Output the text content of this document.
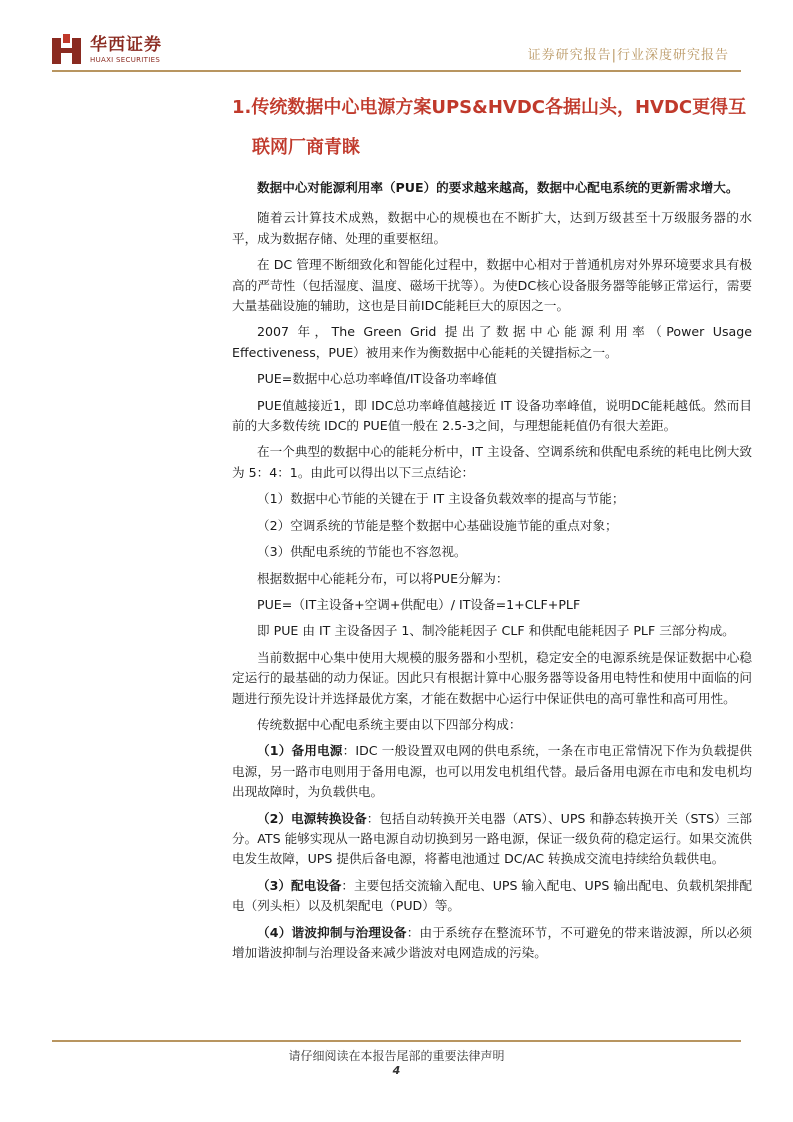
华西证券
HUAXI SECURITIES	证券研究报告|行业深度研究报告
1.传统数据中心电源方案UPS&HVDC各据山头，HVDC更得互
联网厂商青睐

数据中心对能源利用率（PUE）的要求越来越高，数据中心配电系统的更新需求增大。

随着云计算技术成熟，数据中心的规模也在不断扩大，达到万级甚至十万级服务器的水平，成为数据存储、处理的重要枢纽。

在 DC 管理不断细致化和智能化过程中，数据中心相对于普通机房对外界环境要求具有极高的严苛性（包括湿度、温度、磁场干扰等）。为使DC核心设备服务器等能够正常运行，需要大量基础设施的辅助，这也是目前IDC能耗巨大的原因之一。

2007 年，The Green Grid 提出了数据中心能源利用率（Power Usage Effectiveness，PUE）被用来作为衡数据中心能耗的关键指标之一。

PUE=数据中心总功率峰值/IT设备功率峰值

PUE值越接近1，即 IDC总功率峰值越接近 IT 设备功率峰值，说明DC能耗越低。然而目前的大多数传统 IDC的 PUE值一般在 2.5-3之间，与理想能耗值仍有很大差距。

在一个典型的数据中心的能耗分析中，IT 主设备、空调系统和供配电系统的耗电比例大致为 5：4：1。由此可以得出以下三点结论：

（1）数据中心节能的关键在于 IT 主设备负载效率的提高与节能；

（2）空调系统的节能是整个数据中心基础设施节能的重点对象；

（3）供配电系统的节能也不容忽视。

根据数据中心能耗分布，可以将PUE分解为：

PUE=（IT主设备+空调+供配电）/ IT设备=1+CLF+PLF

即 PUE 由 IT 主设备因子 1、制冷能耗因子 CLF 和供配电能耗因子 PLF 三部分构成。

当前数据中心集中使用大规模的服务器和小型机，稳定安全的电源系统是保证数据中心稳定运行的最基础的动力保证。因此只有根据计算中心服务器等设备用电特性和使用中面临的问题进行预先设计并选择最优方案，才能在数据中心运行中保证供电的高可靠性和高可用性。

传统数据中心配电系统主要由以下四部分构成：

（1）备用电源：IDC 一般设置双电网的供电系统，一条在市电正常情况下作为负载提供电源，另一路市电则用于备用电源，也可以用发电机组代替。最后备用电源在市电和发电机均出现故障时，为负载供电。

（2）电源转换设备：包括自动转换开关电器（ATS）、UPS 和静态转换开关（STS）三部分。ATS 能够实现从一路电源自动切换到另一路电源，保证一级负荷的稳定运行。如果交流供电发生故障，UPS 提供后备电源，将蓄电池通过 DC/AC 转换成交流电持续给负载供电。

（3）配电设备：主要包括交流输入配电、UPS 输入配电、UPS 输出配电、负载机架排配电（列头柜）以及机架配电（PUD）等。

（4）谐波抑制与治理设备：由于系统存在整流环节，不可避免的带来谐波源，所以必须增加谐波抑制与治理设备来减少谐波对电网造成的污染。

请仔细阅读在本报告尾部的重要法律声明
4
